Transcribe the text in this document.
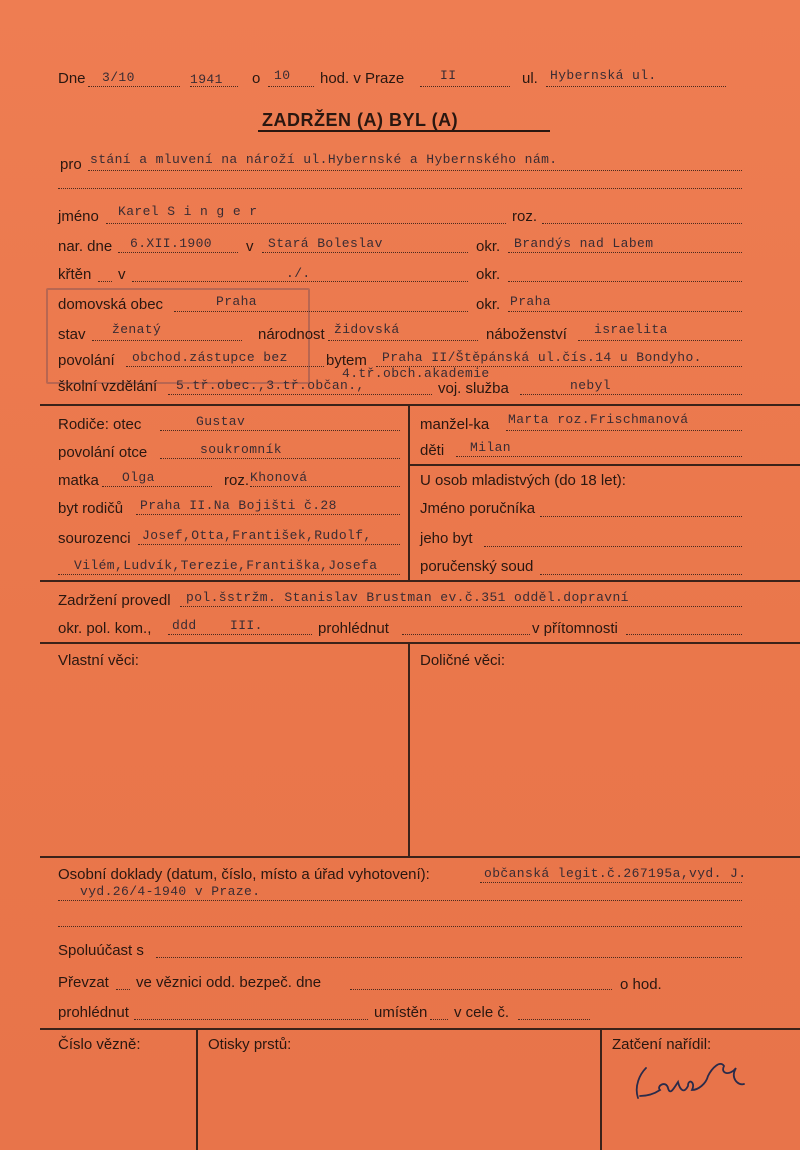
Dne 3/10	1941 o 10 hod. v Praze	II	ul. Hybernská ul.
ZADRŽEN (A) BYL (A)
pro stání a mluvení na nároží ul.Hybernské a Hybernského nám.
jméno Karel S i n g e r	roz.
nar. dne 6.XII.1900 v Stará Boleslav	okr. Brandýs nad Labem
křtěn v	./.	okr.
domovská obec	Praha	okr. Praha
stav ženatý	národnost židovská	náboženství israelita
povolání obchod.zástupce bez	bytem Praha II/Štěpánská ul.čís.14 u Bondyho.
4.tř.obch.akademie
školní vzdělání 5.tř.obec.,3.tř.občan.,	voj. služba	nebyl
Rodiče: otec	Gustav
povolání otce	soukromník
matka Olga	roz. Khonová
byt rodičů Praha II.Na Bojišti č.28
sourozenci Josef,Otta,František,Rudolf,
Vilém,Ludvík,Terezie,Františka,Josefa
manžel-ka Marta roz.Frischmanová
děti Milan
U osob mladistvých (do 18 let):
Jméno poručníka
jeho byt
poručenský soud
Zadržení provedl pol.šstržm. Stanislav Brustman ev.č.351 odděl.dopravní
okr. pol. kom., ddd	III.	prohlédnut	v přítomnosti
Vlastní věci:	Doličné věci:
Osobní doklady (datum, číslo, místo a úřad vyhotovení):	občanská legit.č.267195a,vyd. J.
vyd.26/4-1940 v Praze.
Spoluúčast s
Převzat ve věznici odd. bezpeč. dne	o hod.
prohlédnut	umístěn v cele č.
Číslo vězně:	Otisky prstů:	Zatčení nařídil:
